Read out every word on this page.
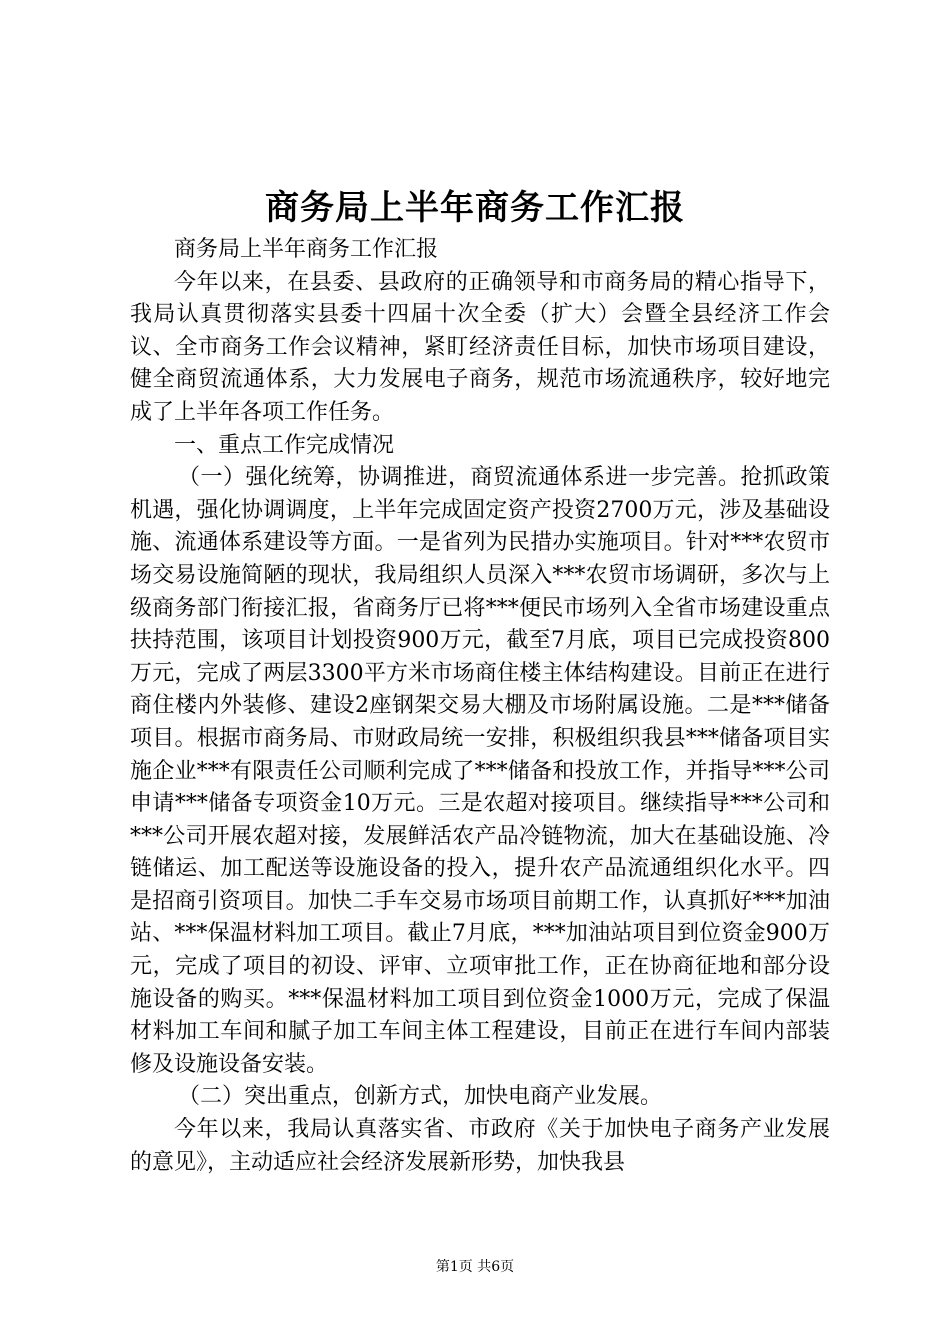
商务局上半年商务工作汇报

商务局上半年商务工作汇报

今年以来，在县委、县政府的正确领导和市商务局的精心指导下，我局认真贯彻落实县委十四届十次全委（扩大）会暨全县经济工作会议、全市商务工作会议精神，紧盯经济责任目标，加快市场项目建设，健全商贸流通体系，大力发展电子商务，规范市场流通秩序，较好地完成了上半年各项工作任务。

一、重点工作完成情况

（一）强化统筹，协调推进，商贸流通体系进一步完善。抢抓政策机遇，强化协调调度，上半年完成固定资产投资2700万元，涉及基础设施、流通体系建设等方面。一是省列为民措办实施项目。针对***农贸市场交易设施简陋的现状，我局组织人员深入***农贸市场调研，多次与上级商务部门衔接汇报，省商务厅已将***便民市场列入全省市场建设重点扶持范围，该项目计划投资900万元，截至7月底，项目已完成投资800万元，完成了两层3300平方米市场商住楼主体结构建设。目前正在进行商住楼内外装修、建设2座钢架交易大棚及市场附属设施。二是***储备项目。根据市商务局、市财政局统一安排，积极组织我县***储备项目实施企业***有限责任公司顺利完成了***储备和投放工作，并指导***公司申请***储备专项资金10万元。三是农超对接项目。继续指导***公司和***公司开展农超对接，发展鲜活农产品冷链物流，加大在基础设施、冷链储运、加工配送等设施设备的投入，提升农产品流通组织化水平。四是招商引资项目。加快二手车交易市场项目前期工作，认真抓好***加油站、***保温材料加工项目。截止7月底，***加油站项目到位资金900万元，完成了项目的初设、评审、立项审批工作，正在协商征地和部分设施设备的购买。***保温材料加工项目到位资金1000万元，完成了保温材料加工车间和腻子加工车间主体工程建设，目前正在进行车间内部装修及设施设备安装。

（二）突出重点，创新方式，加快电商产业发展。

今年以来，我局认真落实省、市政府《关于加快电子商务产业发展的意见》，主动适应社会经济发展新形势，加快我县

第1页 共6页
